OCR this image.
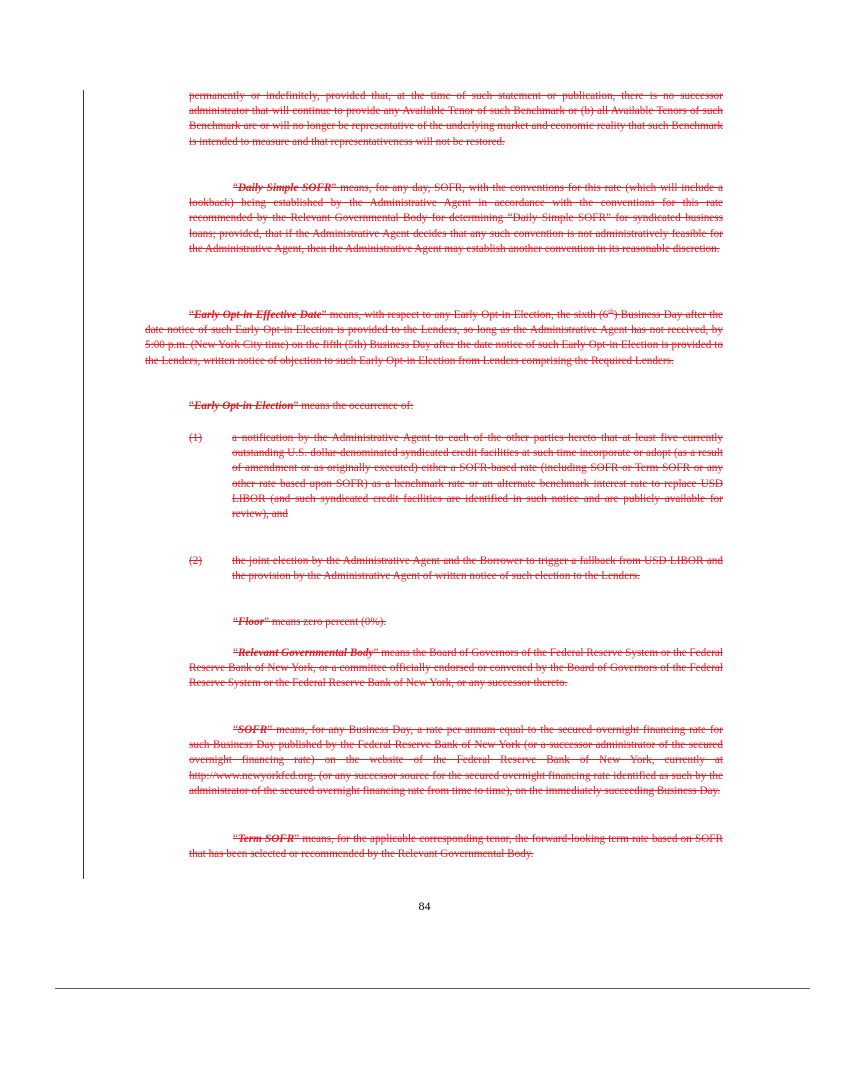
permanently or indefinitely, provided that, at the time of such statement or publication, there is no successor administrator that will continue to provide any Available Tenor of such Benchmark or (b) all Available Tenors of such Benchmark are or will no longer be representative of the underlying market and economic reality that such Benchmark is intended to measure and that representativeness will not be restored.

“Daily Simple SOFR” means, for any day, SOFR, with the conventions for this rate (which will include a lookback) being established by the Administrative Agent in accordance with the conventions for this rate recommended by the Relevant Governmental Body for determining “Daily Simple SOFR” for syndicated business loans; provided, that if the Administrative Agent decides that any such convention is not administratively feasible for the Administrative Agent, then the Administrative Agent may establish another convention in its reasonable discretion.

“Early Opt-in Effective Date” means, with respect to any Early Opt-in Election, the sixth (6th) Business Day after the date notice of such Early Opt-in Election is provided to the Lenders, so long as the Administrative Agent has not received, by 5:00 p.m. (New York City time) on the fifth (5th) Business Day after the date notice of such Early Opt-in Election is provided to the Lenders, written notice of objection to such Early Opt-in Election from Lenders comprising the Required Lenders.

“Early Opt-in Election” means the occurrence of:

(1)	a notification by the Administrative Agent to each of the other parties hereto that at least five currently outstanding U.S. dollar-denominated syndicated credit facilities at such time incorporate or adopt (as a result of amendment or as originally executed) either a SOFR-based rate (including SOFR or Term SOFR or any other rate based upon SOFR) as a benchmark rate or an alternate benchmark interest rate to replace USD LIBOR (and such syndicated credit facilities are identified in such notice and are publicly available for review), and

(2)	the joint election by the Administrative Agent and the Borrower to trigger a fallback from USD LIBOR and the provision by the Administrative Agent of written notice of such election to the Lenders.

“Floor” means zero percent (0%).

“Relevant Governmental Body” means the Board of Governors of the Federal Reserve System or the Federal Reserve Bank of New York, or a committee officially endorsed or convened by the Board of Governors of the Federal Reserve System or the Federal Reserve Bank of New York, or any successor thereto.

“SOFR” means, for any Business Day, a rate per annum equal to the secured overnight financing rate for such Business Day published by the Federal Reserve Bank of New York (or a successor administrator of the secured overnight financing rate) on the website of the Federal Reserve Bank of New York, currently at http://www.newyorkfed.org. (or any successor source for the secured overnight financing rate identified as such by the administrator of the secured overnight financing rate from time to time), on the immediately succeeding Business Day.

“Term SOFR” means, for the applicable corresponding tenor, the forward-looking term rate based on SOFR that has been selected or recommended by the Relevant Governmental Body.

84
